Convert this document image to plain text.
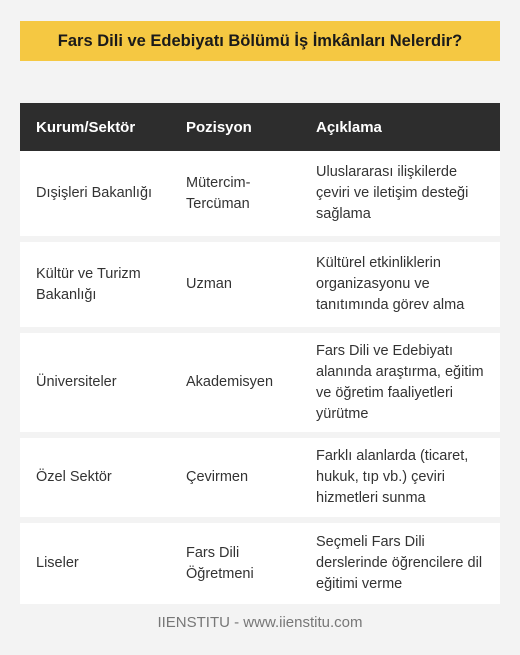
Fars Dili ve Edebiyatı Bölümü İş İmkânları Nelerdir?
Kurum/Sektör	Pozisyon	Açıklama
Dışişleri Bakanlığı	Mütercim-Tercüman	Uluslararası ilişkilerde çeviri ve iletişim desteği sağlama
Kültür ve Turizm Bakanlığı	Uzman	Kültürel etkinliklerin organizasyonu ve tanıtımında görev alma
Üniversiteler	Akademisyen	Fars Dili ve Edebiyatı alanında araştırma, eğitim ve öğretim faaliyetleri yürütme
Özel Sektör	Çevirmen	Farklı alanlarda (ticaret, hukuk, tıp vb.) çeviri hizmetleri sunma
Liseler	Fars Dili Öğretmeni	Seçmeli Fars Dili derslerinde öğrencilere dil eğitimi verme
IIENSTITU - www.iienstitu.com
